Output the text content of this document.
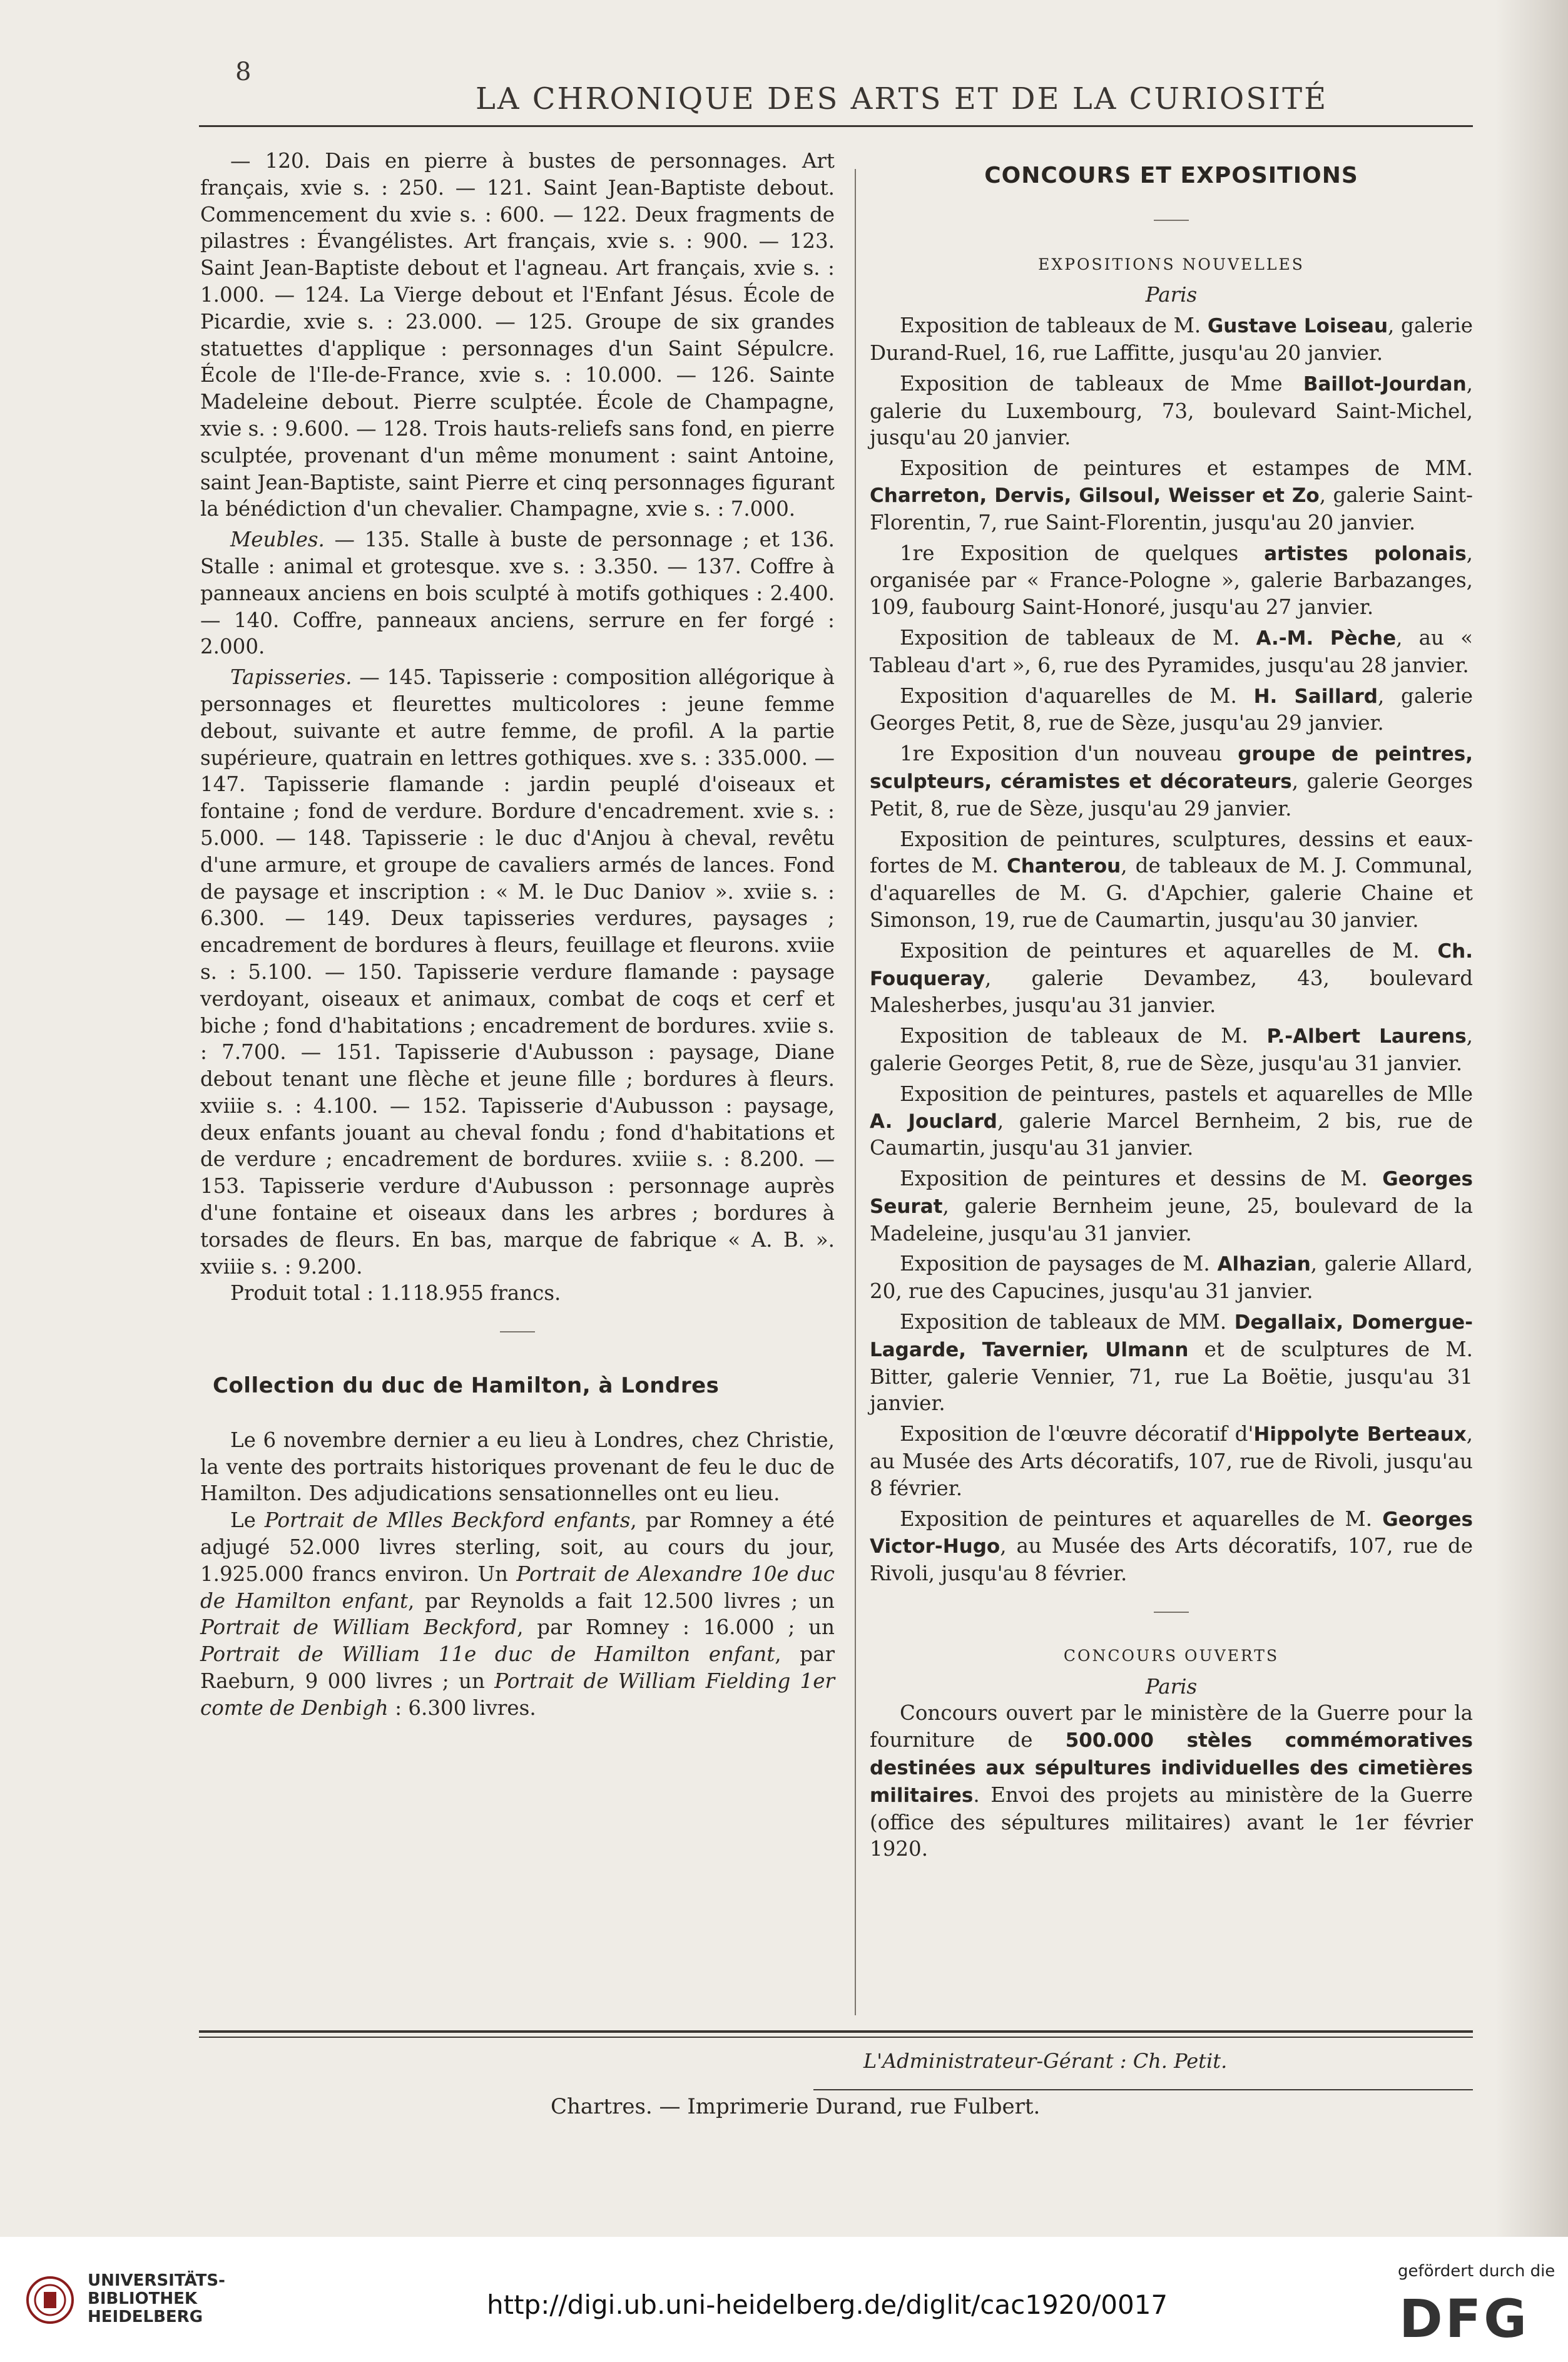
8
LA CHRONIQUE DES ARTS ET DE LA CURIOSITÉ

— 120. Dais en pierre à bustes de personnages. Art français, xvie s. : 250. — 121. Saint Jean-Baptiste debout. Commencement du xvie s. : 600. — 122. Deux fragments de pilastres : Évangélistes. Art français, xvie s. : 900. — 123. Saint Jean-Baptiste debout et l'agneau. Art français, xvie s. : 1.000. — 124. La Vierge debout et l'Enfant Jésus. École de Picardie, xvie s. : 23.000. — 125. Groupe de six grandes statuettes d'applique : personnages d'un Saint Sépulcre. École de l'Ile-de-France, xvie s. : 10.000. — 126. Sainte Madeleine debout. Pierre sculptée. École de Champagne, xvie s. : 9.600. — 128. Trois hauts-reliefs sans fond, en pierre sculptée, provenant d'un même monument : saint Antoine, saint Jean-Baptiste, saint Pierre et cinq personnages figurant la bénédiction d'un chevalier. Champagne, xvie s. : 7.000.

Meubles. — 135. Stalle à buste de personnage ; et 136. Stalle : animal et grotesque. xve s. : 3.350. — 137. Coffre à panneaux anciens en bois sculpté à motifs gothiques : 2.400. — 140. Coffre, panneaux anciens, serrure en fer forgé : 2.000.

Tapisseries. — 145. Tapisserie : composition allégorique à personnages et fleurettes multicolores : jeune femme debout, suivante et autre femme, de profil. A la partie supérieure, quatrain en lettres gothiques. xve s. : 335.000. — 147. Tapisserie flamande : jardin peuplé d'oiseaux et fontaine ; fond de verdure. Bordure d'encadrement. xvie s. : 5.000. — 148. Tapisserie : le duc d'Anjou à cheval, revêtu d'une armure, et groupe de cavaliers armés de lances. Fond de paysage et inscription : « M. le Duc Daniov ». xviie s. : 6.300. — 149. Deux tapisseries verdures, paysages ; encadrement de bordures à fleurs, feuillage et fleurons. xviie s. : 5.100. — 150. Tapisserie verdure flamande : paysage verdoyant, oiseaux et animaux, combat de coqs et cerf et biche ; fond d'habitations ; encadrement de bordures. xviie s. : 7.700. — 151. Tapisserie d'Aubusson : paysage, Diane debout tenant une flèche et jeune fille ; bordures à fleurs. xviiie s. : 4.100. — 152. Tapisserie d'Aubusson : paysage, deux enfants jouant au cheval fondu ; fond d'habitations et de verdure ; encadrement de bordures. xviiie s. : 8.200. — 153. Tapisserie verdure d'Aubusson : personnage auprès d'une fontaine et oiseaux dans les arbres ; bordures à torsades de fleurs. En bas, marque de fabrique « A. B. ». xviiie s. : 9.200.

Produit total : 1.118.955 francs.

Collection du duc de Hamilton, à Londres

Le 6 novembre dernier a eu lieu à Londres, chez Christie, la vente des portraits historiques provenant de feu le duc de Hamilton. Des adjudications sensationnelles ont eu lieu.

Le Portrait de Mlles Beckford enfants, par Romney a été adjugé 52.000 livres sterling, soit, au cours du jour, 1.925.000 francs environ. Un Portrait de Alexandre 10e duc de Hamilton enfant, par Reynolds a fait 12.500 livres ; un Portrait de William Beckford, par Romney : 16.000 ; un Portrait de William 11e duc de Hamilton enfant, par Raeburn, 9 000 livres ; un Portrait de William Fielding 1er comte de Denbigh : 6.300 livres.

CONCOURS ET EXPOSITIONS
EXPOSITIONS NOUVELLES

Paris

Exposition de tableaux de M. Gustave Loiseau, galerie Durand-Ruel, 16, rue Laffitte, jusqu'au 20 janvier.

Exposition de tableaux de Mme Baillot-Jourdan, galerie du Luxembourg, 73, boulevard Saint-Michel, jusqu'au 20 janvier.

Exposition de peintures et estampes de MM. Charreton, Dervis, Gilsoul, Weisser et Zo, galerie Saint-Florentin, 7, rue Saint-Florentin, jusqu'au 20 janvier.

1re Exposition de quelques artistes polonais, organisée par « France-Pologne », galerie Barbazanges, 109, faubourg Saint-Honoré, jusqu'au 27 janvier.

Exposition de tableaux de M. A.-M. Pèche, au « Tableau d'art », 6, rue des Pyramides, jusqu'au 28 janvier.

Exposition d'aquarelles de M. H. Saillard, galerie Georges Petit, 8, rue de Sèze, jusqu'au 29 janvier.

1re Exposition d'un nouveau groupe de peintres, sculpteurs, céramistes et décorateurs, galerie Georges Petit, 8, rue de Sèze, jusqu'au 29 janvier.

Exposition de peintures, sculptures, dessins et eaux-fortes de M. Chanterou, de tableaux de M. J. Communal, d'aquarelles de M. G. d'Apchier, galerie Chaine et Simonson, 19, rue de Caumartin, jusqu'au 30 janvier.

Exposition de peintures et aquarelles de M. Ch. Fouqueray, galerie Devambez, 43, boulevard Malesherbes, jusqu'au 31 janvier.

Exposition de tableaux de M. P.-Albert Laurens, galerie Georges Petit, 8, rue de Sèze, jusqu'au 31 janvier.

Exposition de peintures, pastels et aquarelles de Mlle A. Jouclard, galerie Marcel Bernheim, 2 bis, rue de Caumartin, jusqu'au 31 janvier.

Exposition de peintures et dessins de M. Georges Seurat, galerie Bernheim jeune, 25, boulevard de la Madeleine, jusqu'au 31 janvier.

Exposition de paysages de M. Alhazian, galerie Allard, 20, rue des Capucines, jusqu'au 31 janvier.

Exposition de tableaux de MM. Degallaix, Domergue-Lagarde, Tavernier, Ulmann et de sculptures de M. Bitter, galerie Vennier, 71, rue La Boëtie, jusqu'au 31 janvier.

Exposition de l'œuvre décoratif d'Hippolyte Berteaux, au Musée des Arts décoratifs, 107, rue de Rivoli, jusqu'au 8 février.

Exposition de peintures et aquarelles de M. Georges Victor-Hugo, au Musée des Arts décoratifs, 107, rue de Rivoli, jusqu'au 8 février.

CONCOURS OUVERTS

Paris

Concours ouvert par le ministère de la Guerre pour la fourniture de 500.000 stèles commémoratives destinées aux sépultures individuelles des cimetières militaires. Envoi des projets au ministère de la Guerre (office des sépultures militaires) avant le 1er février 1920.

L'Administrateur-Gérant : Ch. Petit.
Chartres. — Imprimerie Durand, rue Fulbert.
UNIVERSITÄTS-
BIBLIOTHEK
HEIDELBERG	http://digi.ub.uni-heidelberg.de/diglit/cac1920/0017
gefördert durch die
DFG
